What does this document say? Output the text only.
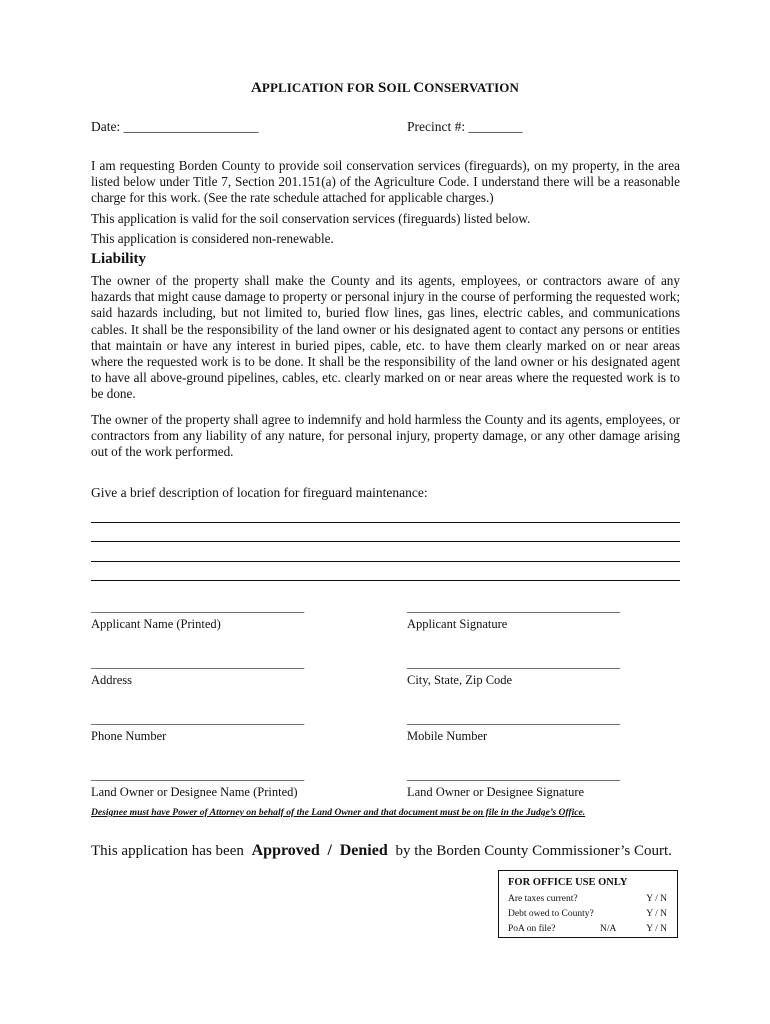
APPLICATION FOR SOIL CONSERVATION
Date: ____________________	Precinct #: ________
I am requesting Borden County to provide soil conservation services (fireguards), on my property, in the area listed below under Title 7, Section 201.151(a) of the Agriculture Code. I understand there will be a reasonable charge for this work. (See the rate schedule attached for applicable charges.)
This application is valid for the soil conservation services (fireguards) listed below.
This application is considered non-renewable.
Liability
The owner of the property shall make the County and its agents, employees, or contractors aware of any hazards that might cause damage to property or personal injury in the course of performing the requested work; said hazards including, but not limited to, buried flow lines, gas lines, electric cables, and communications cables. It shall be the responsibility of the land owner or his designated agent to contact any persons or entities that maintain or have any interest in buried pipes, cable, etc. to have them clearly marked on or near areas where the requested work is to be done. It shall be the responsibility of the land owner or his designated agent to have all above-ground pipelines, cables, etc. clearly marked on or near areas where the requested work is to be done.
The owner of the property shall agree to indemnify and hold harmless the County and its agents, employees, or contractors from any liability of any nature, for personal injury, property damage, or any other damage arising out of the work performed.
Give a brief description of location for fireguard maintenance:
______________________________________
Applicant Name (Printed)
______________________________________
Applicant Signature
______________________________________
Address
______________________________________
City, State, Zip Code
______________________________________
Phone Number
______________________________________
Mobile Number
______________________________________
Land Owner or Designee Name (Printed)
______________________________________
Land Owner or Designee Signature
Designee must have Power of Attorney on behalf of the Land Owner and that document must be on file in the Judge’s Office.
This application has been Approved / Denied by the Borden County Commissioner’s Court.
FOR OFFICE USE ONLY
Are taxes current?	Y / N
Debt owed to County?	Y / N
PoA on file?	N/A	Y / N
